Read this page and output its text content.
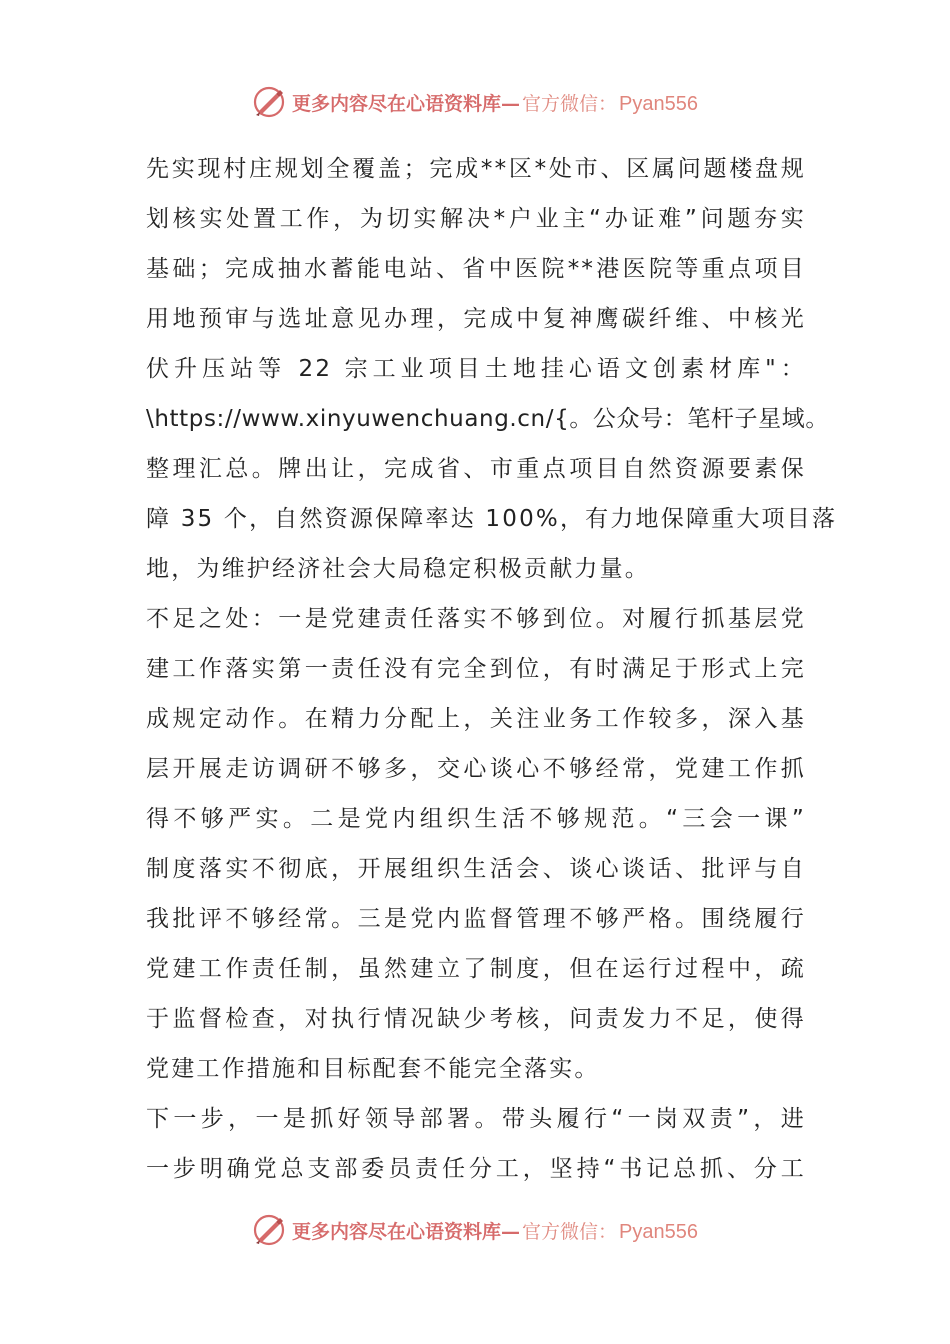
更多内容尽在心语资料库— 官方微信： Pyan556
先实现村庄规划全覆盖；完成**区*处市、区属问题楼盘规
划核实处置工作，为切实解决*户业主“办证难”问题夯实
基础；完成抽水蓄能电站、省中医院**港医院等重点项目
用地预审与选址意见办理，完成中复神鹰碳纤维、中核光
伏升压站等 22 宗工业项目土地挂心语文创素材库"：
\https://www.xinyuwenchuang.cn/{。公众号：笔杆子星域。
整理汇总。牌出让，完成省、市重点项目自然资源要素保
障 35 个，自然资源保障率达 100%，有力地保障重大项目落
地，为维护经济社会大局稳定积极贡献力量。
不足之处：一是党建责任落实不够到位。对履行抓基层党
建工作落实第一责任没有完全到位，有时满足于形式上完
成规定动作。在精力分配上，关注业务工作较多，深入基
层开展走访调研不够多，交心谈心不够经常，党建工作抓
得不够严实。二是党内组织生活不够规范。“三会一课”
制度落实不彻底，开展组织生活会、谈心谈话、批评与自
我批评不够经常。三是党内监督管理不够严格。围绕履行
党建工作责任制，虽然建立了制度，但在运行过程中，疏
于监督检查，对执行情况缺少考核，问责发力不足，使得
党建工作措施和目标配套不能完全落实。
下一步，一是抓好领导部署。带头履行“一岗双责”，进
一步明确党总支部委员责任分工，坚持“书记总抓、分工
更多内容尽在心语资料库— 官方微信： Pyan556
